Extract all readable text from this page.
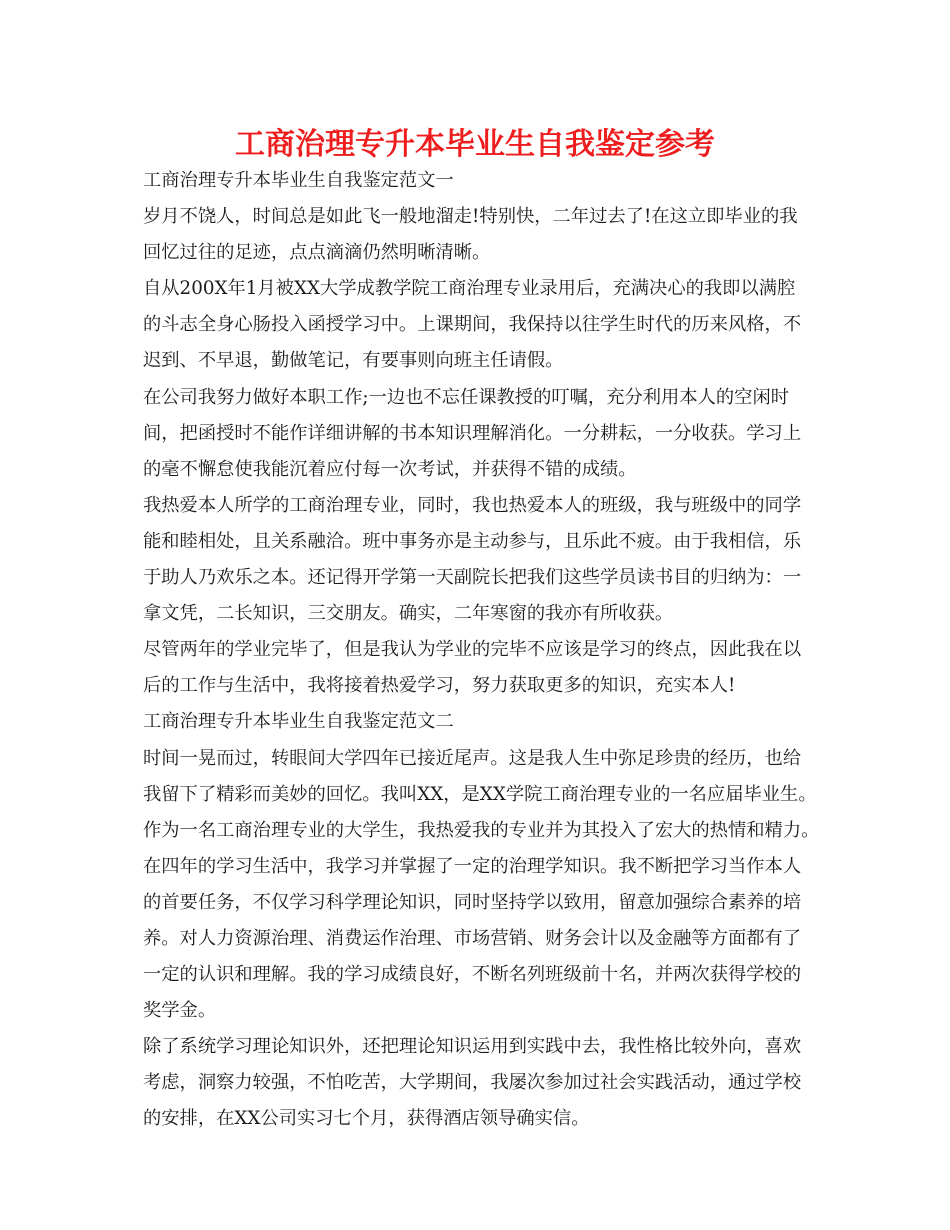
工商治理专升本毕业生自我鉴定参考
工商治理专升本毕业生自我鉴定范文一
岁月不饶人，时间总是如此飞一般地溜走!特别快，二年过去了!在这立即毕业的我
回忆过往的足迹，点点滴滴仍然明晰清晰。
自从200X年1月被XX大学成教学院工商治理专业录用后，充满决心的我即以满腔
的斗志全身心肠投入函授学习中。上课期间，我保持以往学生时代的历来风格，不
迟到、不早退，勤做笔记，有要事则向班主任请假。
在公司我努力做好本职工作;一边也不忘任课教授的叮嘱，充分利用本人的空闲时
间，把函授时不能作详细讲解的书本知识理解消化。一分耕耘，一分收获。学习上
的毫不懈怠使我能沉着应付每一次考试，并获得不错的成绩。
我热爱本人所学的工商治理专业，同时，我也热爱本人的班级，我与班级中的同学
能和睦相处，且关系融洽。班中事务亦是主动参与，且乐此不疲。由于我相信，乐
于助人乃欢乐之本。还记得开学第一天副院长把我们这些学员读书目的归纳为：一
拿文凭，二长知识，三交朋友。确实，二年寒窗的我亦有所收获。
尽管两年的学业完毕了，但是我认为学业的完毕不应该是学习的终点，因此我在以
后的工作与生活中，我将接着热爱学习，努力获取更多的知识，充实本人!
工商治理专升本毕业生自我鉴定范文二
时间一晃而过，转眼间大学四年已接近尾声。这是我人生中弥足珍贵的经历，也给
我留下了精彩而美妙的回忆。我叫XX，是XX学院工商治理专业的一名应届毕业生。
作为一名工商治理专业的大学生，我热爱我的专业并为其投入了宏大的热情和精力。
在四年的学习生活中，我学习并掌握了一定的治理学知识。我不断把学习当作本人
的首要任务，不仅学习科学理论知识，同时坚持学以致用，留意加强综合素养的培
养。对人力资源治理、消费运作治理、市场营销、财务会计以及金融等方面都有了
一定的认识和理解。我的学习成绩良好，不断名列班级前十名，并两次获得学校的
奖学金。
除了系统学习理论知识外，还把理论知识运用到实践中去，我性格比较外向，喜欢
考虑，洞察力较强，不怕吃苦，大学期间，我屡次参加过社会实践活动，通过学校
的安排，在XX公司实习七个月，获得酒店领导确实信。
